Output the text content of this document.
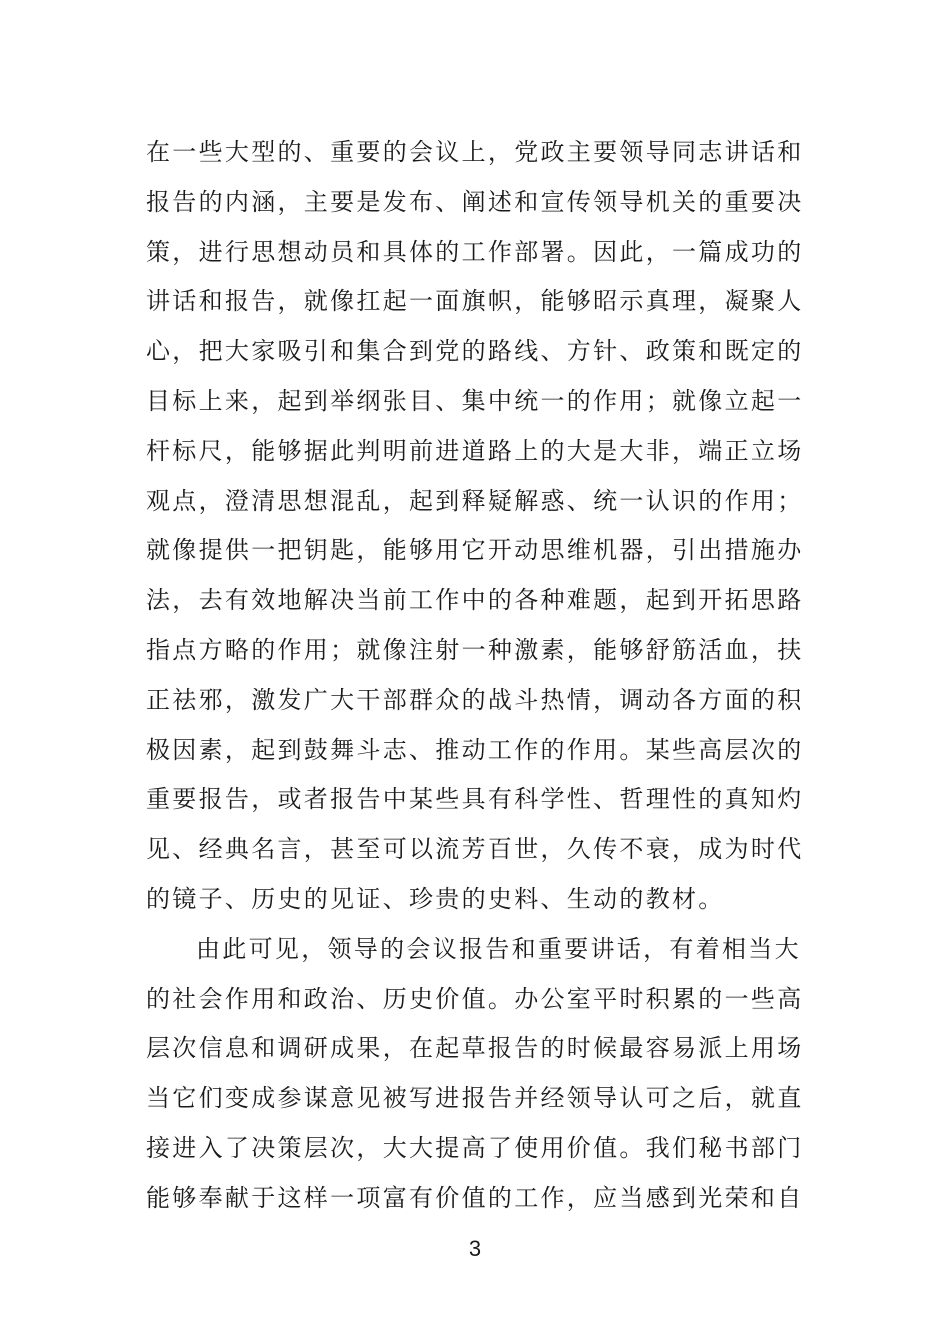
在一些大型的、重要的会议上，党政主要领导同志讲话和
报告的内涵，主要是发布、阐述和宣传领导机关的重要决
策，进行思想动员和具体的工作部署。因此，一篇成功的
讲话和报告，就像扛起一面旗帜，能够昭示真理，凝聚人
心，把大家吸引和集合到党的路线、方针、政策和既定的
目标上来，起到举纲张目、集中统一的作用；就像立起一
杆标尺，能够据此判明前进道路上的大是大非，端正立场
观点，澄清思想混乱，起到释疑解惑、统一认识的作用；
就像提供一把钥匙，能够用它开动思维机器，引出措施办
法，去有效地解决当前工作中的各种难题，起到开拓思路
指点方略的作用；就像注射一种激素，能够舒筋活血，扶
正祛邪，激发广大干部群众的战斗热情，调动各方面的积
极因素，起到鼓舞斗志、推动工作的作用。某些高层次的
重要报告，或者报告中某些具有科学性、哲理性的真知灼
见、经典名言，甚至可以流芳百世，久传不衰，成为时代
的镜子、历史的见证、珍贵的史料、生动的教材。
由此可见，领导的会议报告和重要讲话，有着相当大
的社会作用和政治、历史价值。办公室平时积累的一些高
层次信息和调研成果，在起草报告的时候最容易派上用场
当它们变成参谋意见被写进报告并经领导认可之后，就直
接进入了决策层次，大大提高了使用价值。我们秘书部门
能够奉献于这样一项富有价值的工作，应当感到光荣和自
3
